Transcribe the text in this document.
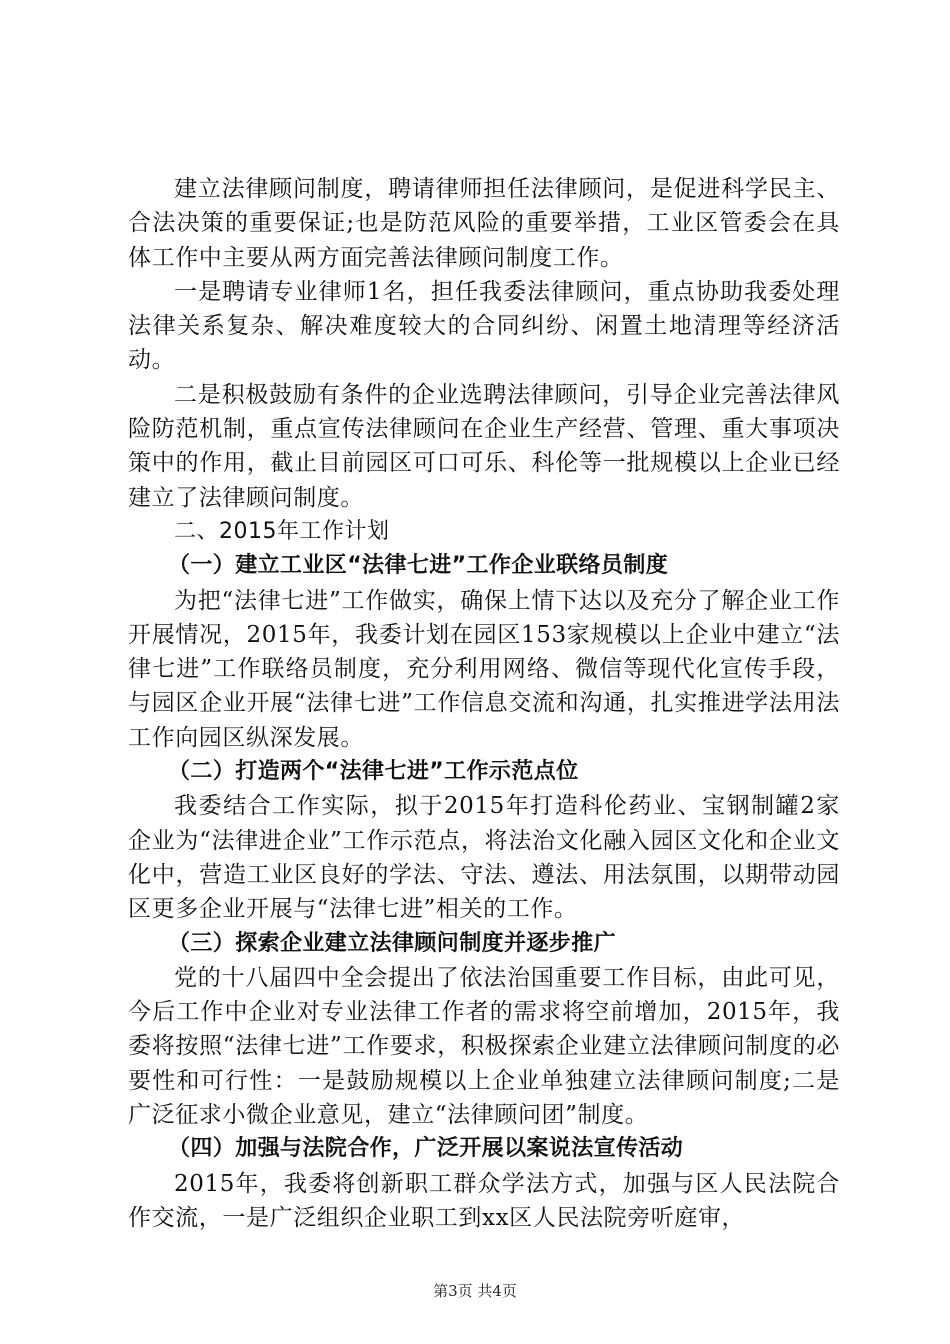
建立法律顾问制度，聘请律师担任法律顾问，是促进科学民主、合法决策的重要保证;也是防范风险的重要举措，工业区管委会在具体工作中主要从两方面完善法律顾问制度工作。

一是聘请专业律师1名，担任我委法律顾问，重点协助我委处理法律关系复杂、解决难度较大的合同纠纷、闲置土地清理等经济活动。

二是积极鼓励有条件的企业选聘法律顾问，引导企业完善法律风险防范机制，重点宣传法律顾问在企业生产经营、管理、重大事项决策中的作用，截止目前园区可口可乐、科伦等一批规模以上企业已经建立了法律顾问制度。

二、2015年工作计划

（一）建立工业区“法律七进”工作企业联络员制度

为把“法律七进”工作做实，确保上情下达以及充分了解企业工作开展情况，2015年，我委计划在园区153家规模以上企业中建立“法律七进”工作联络员制度，充分利用网络、微信等现代化宣传手段，与园区企业开展“法律七进”工作信息交流和沟通，扎实推进学法用法工作向园区纵深发展。

（二）打造两个“法律七进”工作示范点位

我委结合工作实际，拟于2015年打造科伦药业、宝钢制罐2家企业为“法律进企业”工作示范点，将法治文化融入园区文化和企业文化中，营造工业区良好的学法、守法、遵法、用法氛围，以期带动园区更多企业开展与“法律七进”相关的工作。

（三）探索企业建立法律顾问制度并逐步推广

党的十八届四中全会提出了依法治国重要工作目标，由此可见，今后工作中企业对专业法律工作者的需求将空前增加，2015年，我委将按照“法律七进”工作要求，积极探索企业建立法律顾问制度的必要性和可行性：一是鼓励规模以上企业单独建立法律顾问制度;二是广泛征求小微企业意见，建立“法律顾问团”制度。

（四）加强与法院合作，广泛开展以案说法宣传活动

2015年，我委将创新职工群众学法方式，加强与区人民法院合作交流，一是广泛组织企业职工到xx区人民法院旁听庭审，

第3页 共4页
